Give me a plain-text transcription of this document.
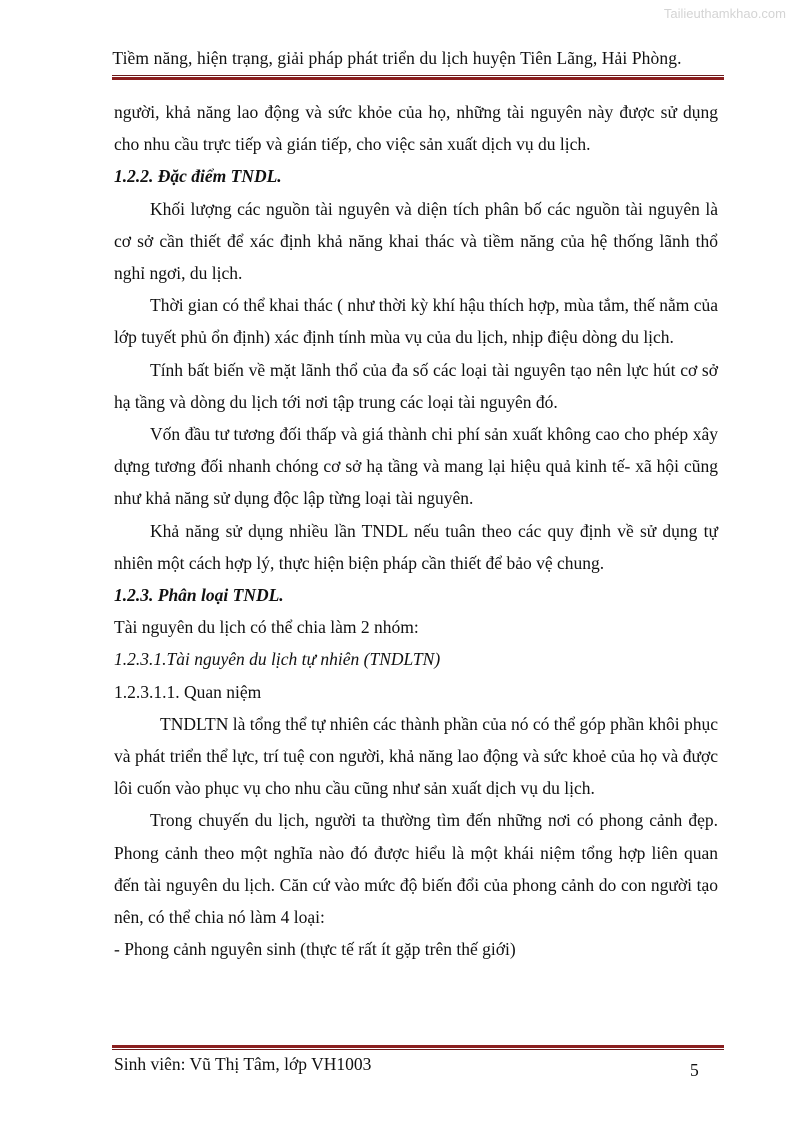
Tailieuthamkhao.com
Tiềm năng, hiện trạng, giải pháp phát triển du lịch huyện Tiên Lãng, Hải Phòng.

người, khả năng lao động và sức khỏe của họ, những tài nguyên này được sử dụng cho nhu cầu trực tiếp và gián tiếp, cho việc sản xuất dịch vụ du lịch.

1.2.2. Đặc điểm TNDL.

Khối lượng các nguồn tài nguyên và diện tích phân bố các nguồn tài nguyên là cơ sở cần thiết để xác định khả năng khai thác và tiềm năng của hệ thống lãnh thổ nghỉ ngơi, du lịch.

Thời gian có thể khai thác ( như thời kỳ khí hậu thích hợp, mùa tắm, thế nằm của lớp tuyết phủ ổn định) xác định tính mùa vụ của du lịch, nhịp điệu dòng du lịch.

Tính bất biến về mặt lãnh thổ của đa số các loại tài nguyên tạo nên lực hút cơ sở hạ tầng và dòng du lịch tới nơi tập trung các loại tài nguyên đó.

Vốn đầu tư tương đối thấp và giá thành chi phí sản xuất không cao cho phép xây dựng tương đối nhanh chóng cơ sở hạ tầng và mang lại hiệu quả kinh tế- xã hội cũng như khả năng sử dụng độc lập từng loại tài nguyên.

Khả năng sử dụng nhiều lần TNDL nếu tuân theo các quy định về sử dụng tự nhiên một cách hợp lý, thực hiện biện pháp cần thiết để bảo vệ chung.

1.2.3. Phân loại TNDL.

Tài nguyên du lịch có thể chia làm 2 nhóm:

1.2.3.1.Tài nguyên du lịch tự nhiên (TNDLTN)

1.2.3.1.1. Quan niệm

TNDLTN là tổng thể tự nhiên các thành phần của nó có thể góp phần khôi phục và phát triển thể lực, trí tuệ con người, khả năng lao động và sức khoẻ của họ và được lôi cuốn vào phục vụ cho nhu cầu cũng như sản xuất dịch vụ du lịch.

Trong chuyến du lịch, người ta thường tìm đến những nơi có phong cảnh đẹp. Phong cảnh theo một nghĩa nào đó được hiểu là một khái niệm tổng hợp liên quan đến tài nguyên du lịch. Căn cứ vào mức độ biến đổi của phong cảnh do con người tạo nên, có thể chia nó làm 4 loại:

- Phong cảnh nguyên sinh (thực tế rất ít gặp trên thế giới)

Sinh viên: Vũ Thị Tâm, lớp VH1003	5
